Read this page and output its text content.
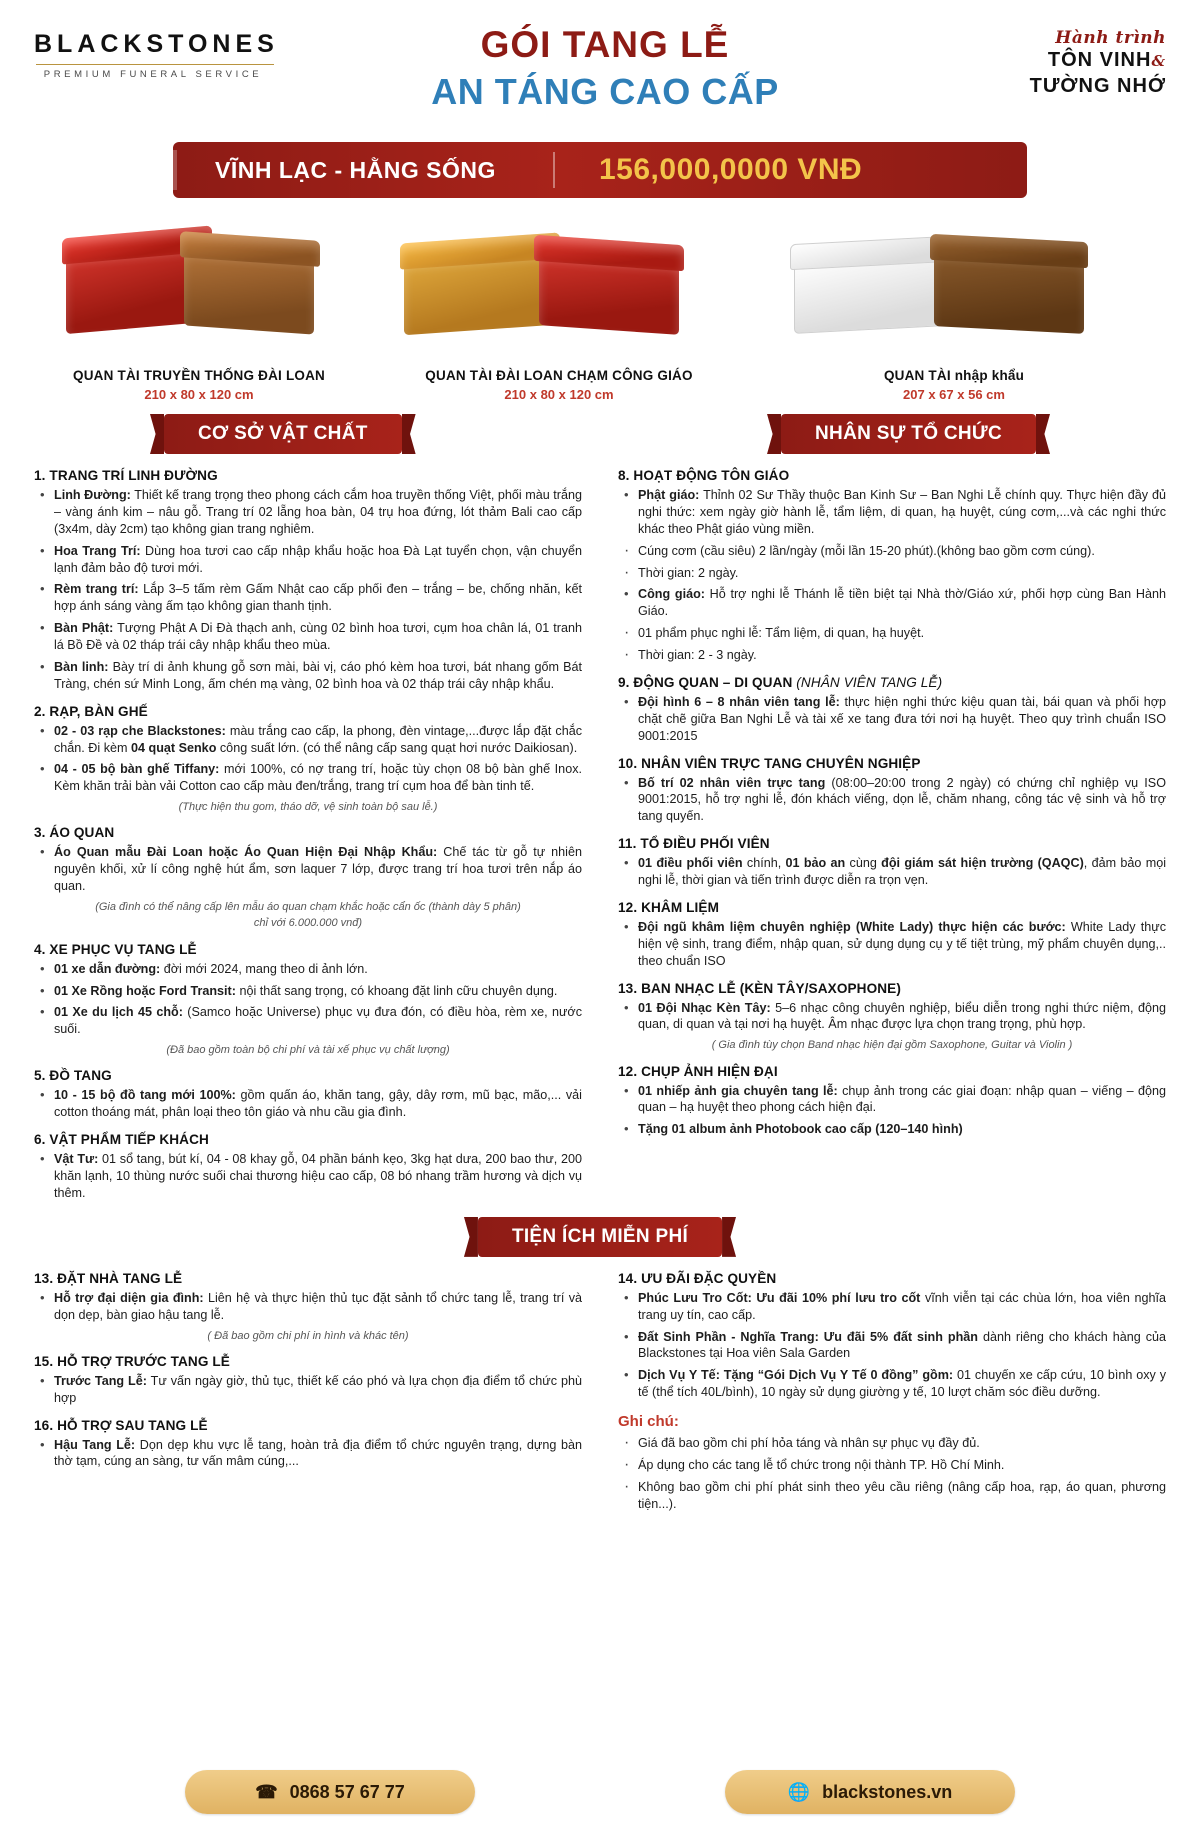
BLACKSTONES
PREMIUM FUNERAL SERVICE
GÓI TANG LỄ
AN TÁNG CAO CẤP
Hành trình
TÔN VINH&
TƯỜNG NHỚ
VĨNH LẠC - HẰNG SỐNG	156,000,0000 VNĐ
QUAN TÀI TRUYỀN THỐNG ĐÀI LOAN
210 x 80 x 120 cm
QUAN TÀI ĐÀI LOAN CHẠM CÔNG GIÁO
210 x 80 x 120 cm
QUAN TÀI nhập khẩu
207 x 67 x 56 cm
CƠ SỞ VẬT CHẤT	NHÂN SỰ TỔ CHỨC
1. TRANG TRÍ LINH ĐƯỜNG
• Linh Đường: Thiết kế trang trọng theo phong cách cắm hoa truyền thống Việt, phối màu trắng – vàng ánh kim – nâu gỗ. Trang trí 02 lẵng hoa bàn, 04 trụ hoa đứng, lót thảm Bali cao cấp (3x4m, dày 2cm) tạo không gian trang nghiêm.
• Hoa Trang Trí: Dùng hoa tươi cao cấp nhập khẩu hoặc hoa Đà Lạt tuyển chọn, vận chuyển lạnh đảm bảo độ tươi mới.
• Rèm trang trí: Lắp 3–5 tấm rèm Gấm Nhật cao cấp phối đen – trắng – be, chống nhăn, kết hợp ánh sáng vàng ấm tạo không gian thanh tịnh.
• Bàn Phật: Tượng Phật A Di Đà thạch anh, cùng 02 bình hoa tươi, cụm hoa chân lá, 01 tranh lá Bồ Đề và 02 tháp trái cây nhập khẩu theo mùa.
• Bàn linh: Bày trí di ảnh khung gỗ sơn mài, bài vị, cáo phó kèm hoa tươi, bát nhang gốm Bát Tràng, chén sứ Minh Long, ấm chén mạ vàng, 02 bình hoa và 02 tháp trái cây nhập khẩu.
2. RẠP, BÀN GHẾ
• 02 - 03 rạp che Blackstones: màu trắng cao cấp, la phong, đèn vintage,...được lắp đặt chắc chắn. Đi kèm 04 quạt Senko công suất lớn. (có thể nâng cấp sang quạt hơi nước Daikiosan).
• 04 - 05 bộ bàn ghế Tiffany: mới 100%, có nợ trang trí, hoặc tùy chọn 08 bộ bàn ghế Inox. Kèm khăn trải bàn vải Cotton cao cấp màu đen/trắng, trang trí cụm hoa để bàn tinh tế.
(Thực hiện thu gom, tháo dỡ, vệ sinh toàn bộ sau lễ.)
3. ÁO QUAN
• Áo Quan mẫu Đài Loan hoặc Áo Quan Hiện Đại Nhập Khẩu: Chế tác từ gỗ tự nhiên nguyên khối, xử lí công nghệ hút ẩm, sơn laquer 7 lớp, được trang trí hoa tươi trên nắp áo quan.
(Gia đình có thể nâng cấp lên mẫu áo quan chạm khắc hoặc cẩn ốc (thành dày 5 phân)
chỉ với 6.000.000 vnđ)
4. XE PHỤC VỤ TANG LỄ
• 01 xe dẫn đường: đời mới 2024, mang theo di ảnh lớn.
• 01 Xe Rồng hoặc Ford Transit: nội thất sang trọng, có khoang đặt linh cữu chuyên dụng.
• 01 Xe du lịch 45 chỗ: (Samco hoặc Universe) phục vụ đưa đón, có điều hòa, rèm xe, nước suối.
(Đã bao gồm toàn bộ chi phí và tài xế phục vụ chất lượng)
5. ĐỒ TANG
• 10 - 15 bộ đồ tang mới 100%: gồm quấn áo, khăn tang, gậy, dây rơm, mũ bạc, mão,... vải cotton thoáng mát, phân loại theo tôn giáo và nhu cầu gia đình.
6. VẬT PHẨM TIẾP KHÁCH
• Vật Tư: 01 sổ tang, bút kí, 04 - 08 khay gỗ, 04 phần bánh kẹo, 3kg hạt dưa, 200 bao thư, 200 khăn lạnh, 10 thùng nước suối chai thương hiệu cao cấp, 08 bó nhang trầm hương và dịch vụ thêm.
8. HOẠT ĐỘNG TÔN GIÁO
• Phật giáo: Thỉnh 02 Sư Thầy thuộc Ban Kinh Sư – Ban Nghi Lễ chính quy. Thực hiện đầy đủ nghi thức: xem ngày giờ hành lễ, tẩm liệm, di quan, hạ huyệt, cúng cơm,...và các nghi thức khác theo Phật giáo vùng miền.
· Cúng cơm (cầu siêu) 2 lần/ngày (mỗi lần 15-20 phút).(không bao gồm cơm cúng).
· Thời gian: 2 ngày.
• Công giáo: Hỗ trợ nghi lễ Thánh lễ tiền biệt tại Nhà thờ/Giáo xứ, phối hợp cùng Ban Hành Giáo.
· 01 phẩm phục nghi lễ: Tẩm liệm, di quan, hạ huyệt.
· Thời gian: 2 - 3 ngày.
9. ĐỘNG QUAN – DI QUAN (NHÂN VIÊN TANG LỄ)
• Đội hình 6 – 8 nhân viên tang lễ: thực hiện nghi thức kiệu quan tài, bái quan và phối hợp chặt chẽ giữa Ban Nghi Lễ và tài xế xe tang đưa tới nơi hạ huyệt. Theo quy trình chuẩn ISO 9001:2015
10. NHÂN VIÊN TRỰC TANG CHUYÊN NGHIỆP
• Bố trí 02 nhân viên trực tang (08:00–20:00 trong 2 ngày) có chứng chỉ nghiệp vụ ISO 9001:2015, hỗ trợ nghi lễ, đón khách viếng, dọn lễ, chăm nhang, công tác vệ sinh và hỗ trợ tang quyến.
11. TỔ ĐIỀU PHỐI VIÊN
• 01 điều phối viên chính, 01 bảo an cùng đội giám sát hiện trường (QAQC), đảm bảo mọi nghi lễ, thời gian và tiến trình được diễn ra trọn vẹn.
12. KHÂM LIỆM
• Đội ngũ khâm liệm chuyên nghiệp (White Lady) thực hiện các bước: White Lady thực hiện vệ sinh, trang điểm, nhập quan, sử dụng dụng cụ y tế tiệt trùng, mỹ phẩm chuyên dụng,.. theo chuẩn ISO
13. BAN NHẠC LỄ (KÈN TÂY/SAXOPHONE)
• 01 Đội Nhạc Kèn Tây: 5–6 nhạc công chuyên nghiệp, biểu diễn trong nghi thức niệm, động quan, di quan và tại nơi hạ huyệt. Âm nhạc được lựa chọn trang trọng, phù hợp.
( Gia đình tùy chọn Band nhạc hiện đại gồm Saxophone, Guitar và Violin )
12. CHỤP ẢNH HIỆN ĐẠI
• 01 nhiếp ảnh gia chuyên tang lễ: chụp ảnh trong các giai đoạn: nhập quan – viếng – động quan – hạ huyệt theo phong cách hiện đại.
• Tặng 01 album ảnh Photobook cao cấp (120–140 hình)
TIỆN ÍCH MIỄN PHÍ
13. ĐẶT NHÀ TANG LỄ
• Hỗ trợ đại diện gia đình: Liên hệ và thực hiện thủ tục đặt sảnh tổ chức tang lễ, trang trí và dọn dẹp, bàn giao hậu tang lễ.
( Đã bao gồm chi phí in hình và khác tên)
15. HỖ TRỢ TRƯỚC TANG LỄ
• Trước Tang Lễ: Tư vấn ngày giờ, thủ tục, thiết kế cáo phó và lựa chọn địa điểm tổ chức phù hợp
16. HỖ TRỢ SAU TANG LỄ
• Hậu Tang Lễ: Dọn dẹp khu vực lễ tang, hoàn trả địa điểm tổ chức nguyên trạng, dựng bàn thờ tạm, cúng an sàng, tư vấn mâm cúng,...
14. ƯU ĐÃI ĐẶC QUYỀN
• Phúc Lưu Tro Cốt: Ưu đãi 10% phí lưu tro cốt vĩnh viễn tại các chùa lớn, hoa viên nghĩa trang uy tín, cao cấp.
• Đất Sinh Phần - Nghĩa Trang: Ưu đãi 5% đất sinh phần dành riêng cho khách hàng của Blackstones tại Hoa viên Sala Garden
• Dịch Vụ Y Tế: Tặng “Gói Dịch Vụ Y Tế 0 đồng” gồm: 01 chuyến xe cấp cứu, 10 bình oxy y tế (thể tích 40L/bình), 10 ngày sử dụng giường y tế, 10 lượt chăm sóc điều dưỡng.
Ghi chú:
· Giá đã bao gồm chi phí hỏa táng và nhân sự phục vụ đầy đủ.
· Áp dụng cho các tang lễ tổ chức trong nội thành TP. Hồ Chí Minh.
· Không bao gồm chi phí phát sinh theo yêu cầu riêng (nâng cấp hoa, rạp, áo quan, phương tiện...).
☎ 0868 57 67 77	🌐 blackstones.vn
